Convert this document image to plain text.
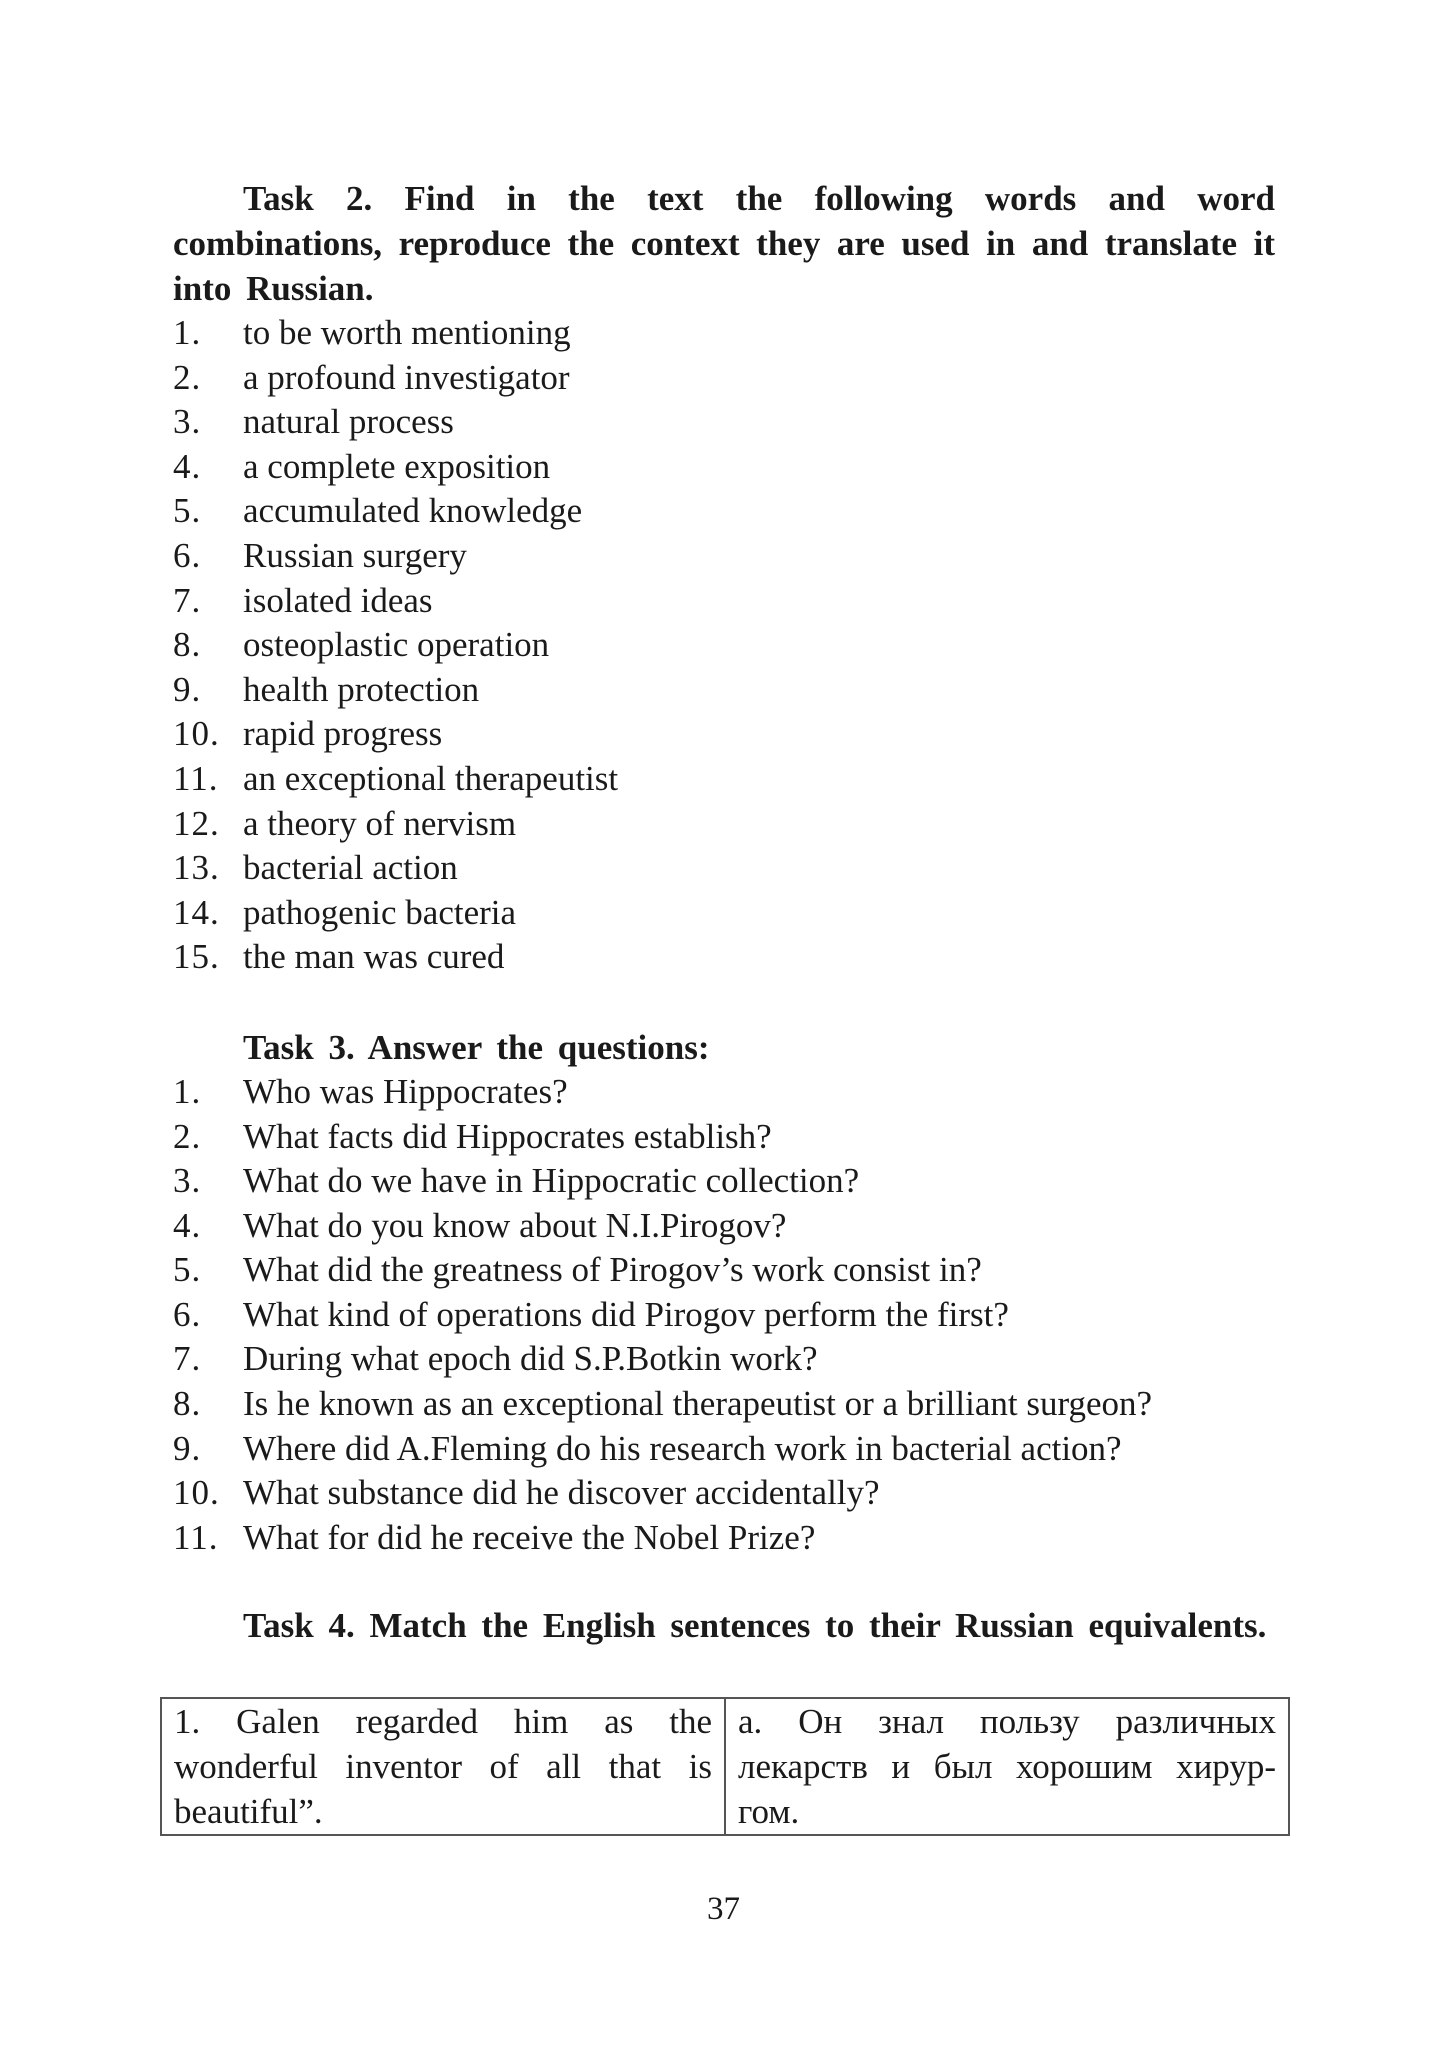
Task 2. Find in the text the following words and word combinations, reproduce the context they are used in and translate it into Russian.

1.	to be worth mentioning
2.	a profound investigator
3.	natural process
4.	a complete exposition
5.	accumulated knowledge
6.	Russian surgery
7.	isolated ideas
8.	osteoplastic operation
9.	health protection
10. rapid progress
11. an exceptional therapeutist
12. a theory of nervism
13. bacterial action
14. pathogenic bacteria
15. the man was cured

Task 3. Answer the questions:

1.	Who was Hippocrates?
2.	What facts did Hippocrates establish?
3.	What do we have in Hippocratic collection?
4.	What do you know about N.I.Pirogov?
5.	What did the greatness of Pirogov’s work consist in?
6.	What kind of operations did Pirogov perform the first?
7.	During what epoch did S.P.Botkin work?
8.	Is he known as an exceptional therapeutist or a brilliant surgeon?
9.	Where did A.Fleming do his research work in bacterial action?
10. What substance did he discover accidentally?
11. What for did he receive the Nobel Prize?

Task 4. Match the English sentences to their Russian equivalents.

1. Galen regarded him as the wonderful inventor of all that is beautiful”.	a. Он знал пользу различных лекарств и был хорошим хирур-гом.
37
